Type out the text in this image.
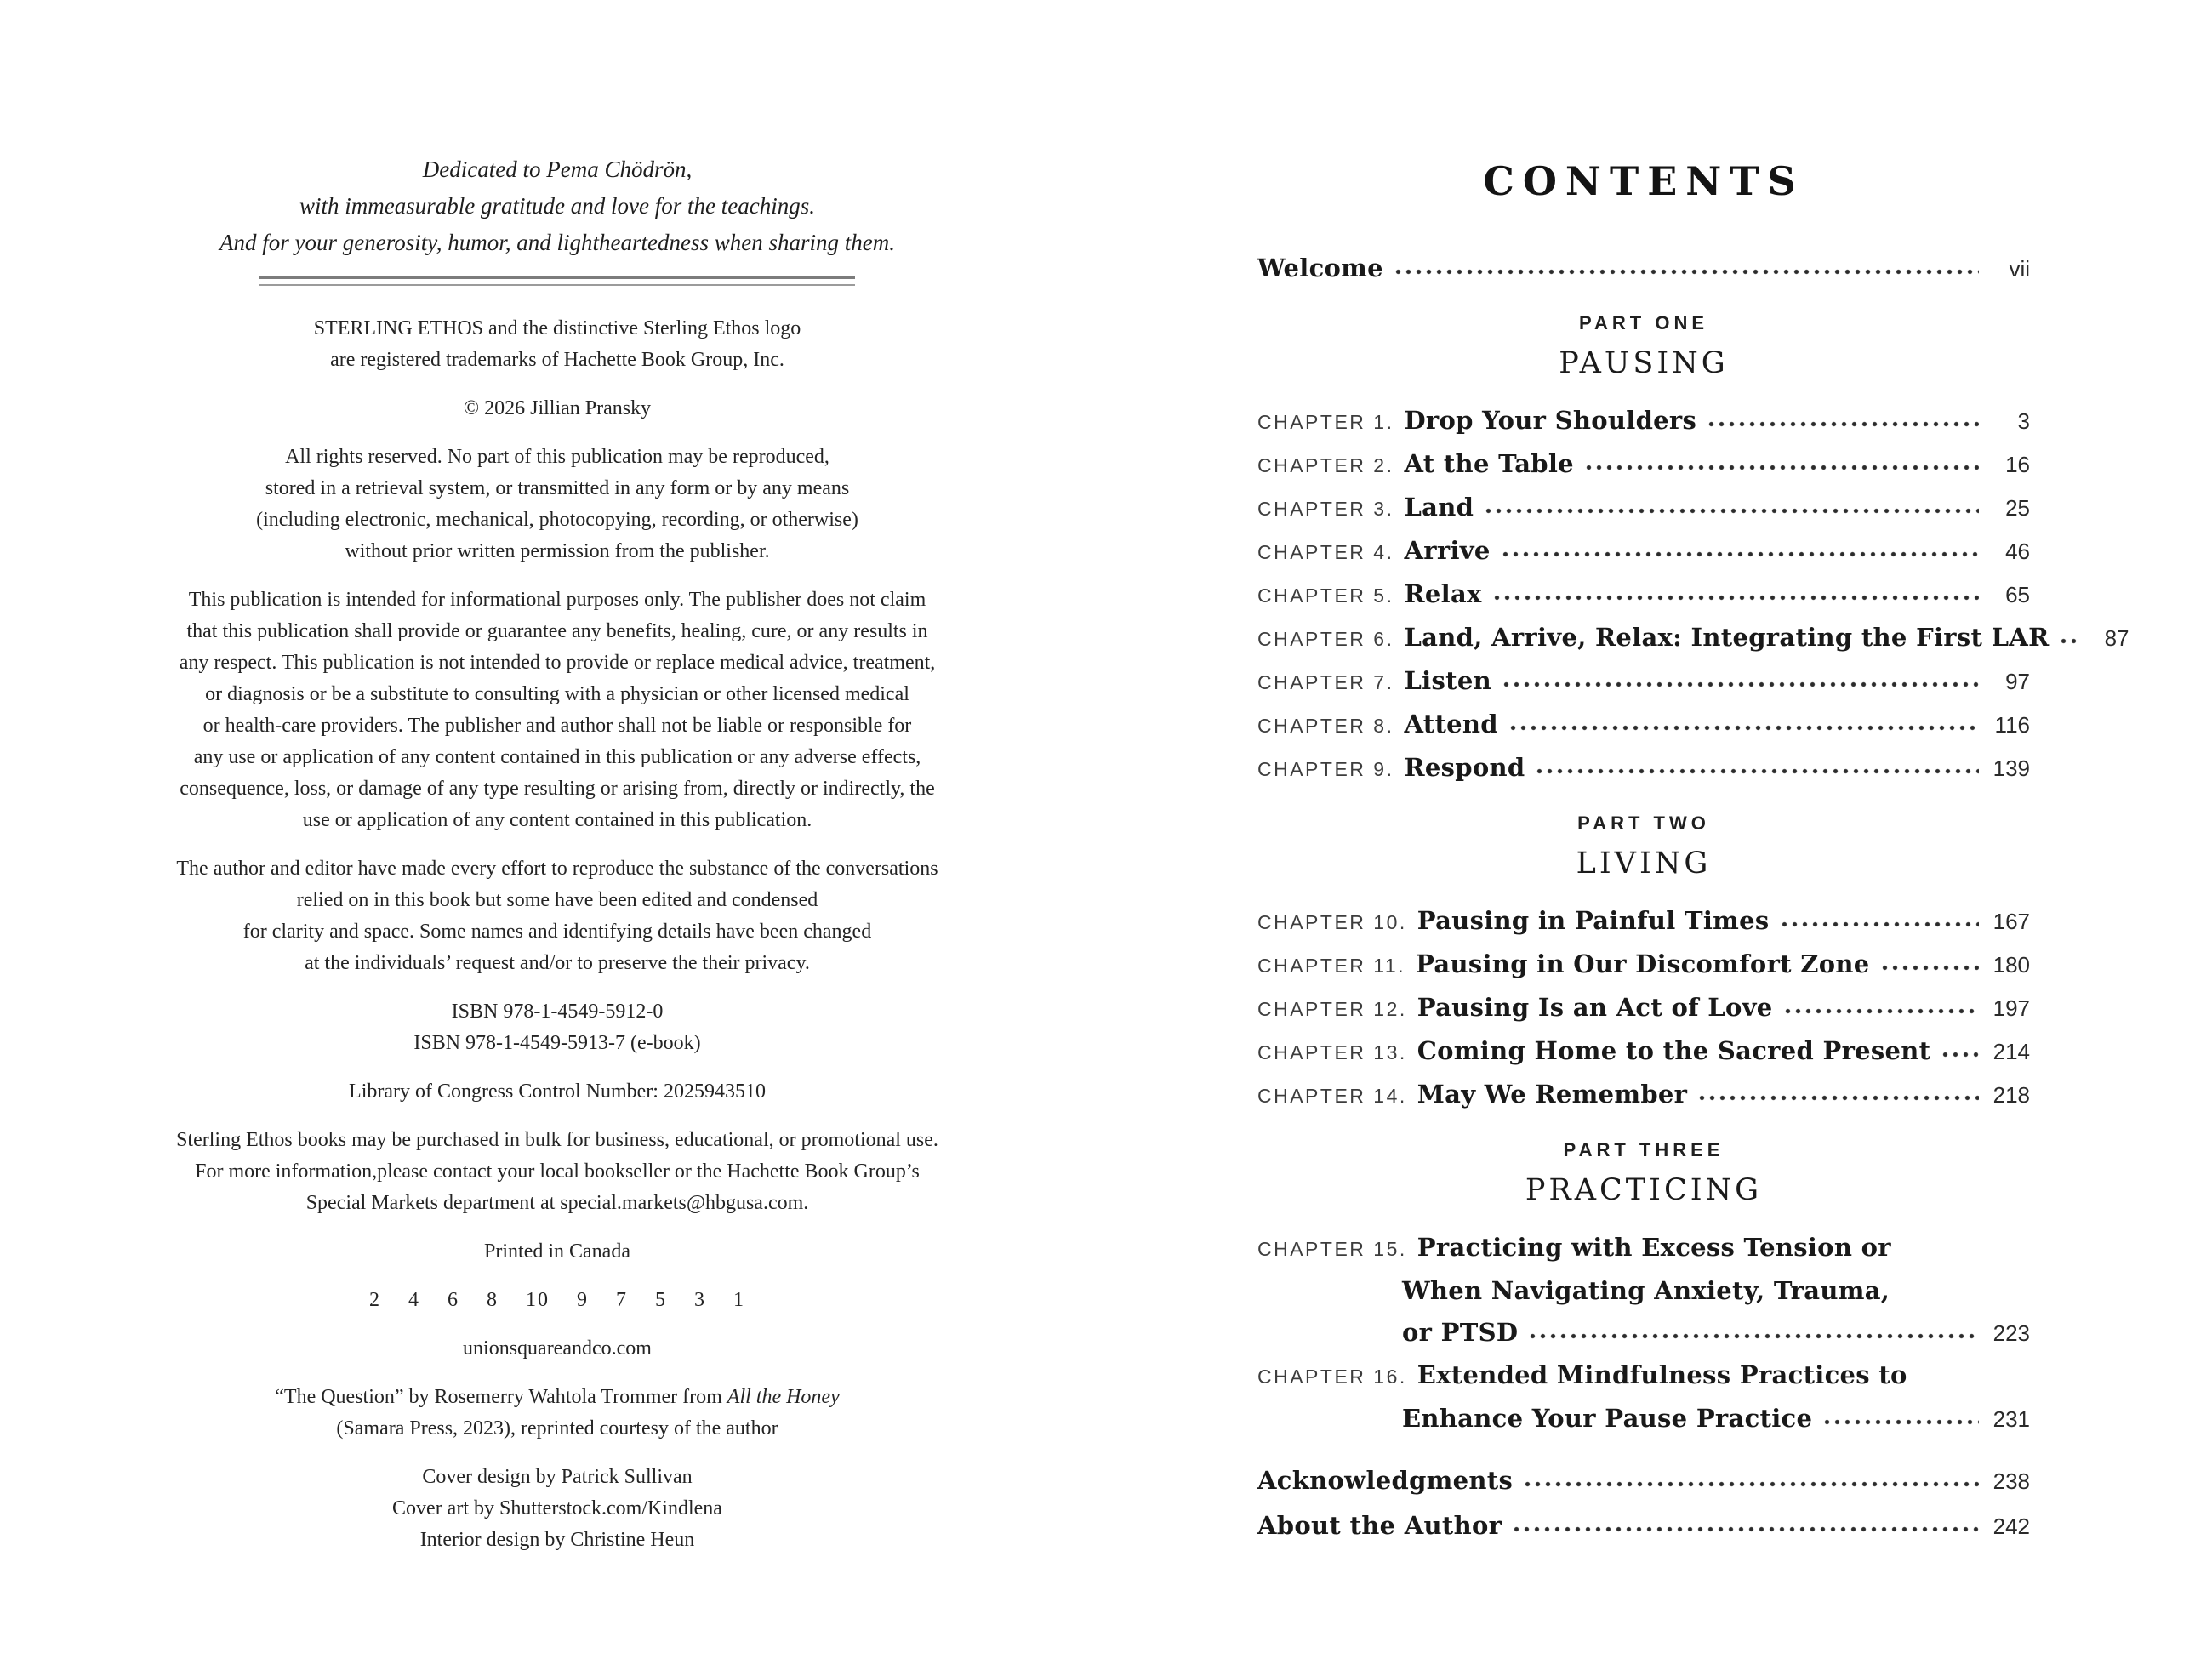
Dedicated to Pema Chödrön,
with immeasurable gratitude and love for the teachings.
And for your generosity, humor, and lightheartedness when sharing them.
STERLING ETHOS and the distinctive Sterling Ethos logo
are registered trademarks of Hachette Book Group, Inc.
© 2026 Jillian Pransky
All rights reserved. No part of this publication may be reproduced,
stored in a retrieval system, or transmitted in any form or by any means
(including electronic, mechanical, photocopying, recording, or otherwise)
without prior written permission from the publisher.
This publication is intended for informational purposes only. The publisher does not claim
that this publication shall provide or guarantee any benefits, healing, cure, or any results in
any respect. This publication is not intended to provide or replace medical advice, treatment,
or diagnosis or be a substitute to consulting with a physician or other licensed medical
or health-care providers. The publisher and author shall not be liable or responsible for
any use or application of any content contained in this publication or any adverse effects,
consequence, loss, or damage of any type resulting or arising from, directly or indirectly, the
use or application of any content contained in this publication.
The author and editor have made every effort to reproduce the substance of the conversations
relied on in this book but some have been edited and condensed
for clarity and space. Some names and identifying details have been changed
at the individuals’ request and/or to preserve the their privacy.
ISBN 978-1-4549-5912-0
ISBN 978-1-4549-5913-7 (e-book)
Library of Congress Control Number: 2025943510
Sterling Ethos books may be purchased in bulk for business, educational, or promotional use.
For more information,please contact your local bookseller or the Hachette Book Group’s
Special Markets department at special.markets@hbgusa.com.
Printed in Canada
2    4    6    8    10    9    7    5    3    1
unionsquareandco.com
“The Question” by Rosemerry Wahtola Trommer from All the Honey
(Samara Press, 2023), reprinted courtesy of the author
Cover design by Patrick Sullivan
Cover art by Shutterstock.com/Kindlena
Interior design by Christine Heun
CONTENTS
Welcome	vii
PART ONE
PAUSING
CHAPTER 1. Drop Your Shoulders	3
CHAPTER 2. At the Table	16
CHAPTER 3. Land	25
CHAPTER 4. Arrive	46
CHAPTER 5. Relax	65
CHAPTER 6. Land, Arrive, Relax: Integrating the First LAR	87
CHAPTER 7. Listen	97
CHAPTER 8. Attend	116
CHAPTER 9. Respond	139
PART TWO
LIVING
CHAPTER 10. Pausing in Painful Times	167
CHAPTER 11. Pausing in Our Discomfort Zone	180
CHAPTER 12. Pausing Is an Act of Love	197
CHAPTER 13. Coming Home to the Sacred Present	214
CHAPTER 14. May We Remember	218
PART THREE
PRACTICING
CHAPTER 15. Practicing with Excess Tension or
When Navigating Anxiety, Trauma,
or PTSD	223
CHAPTER 16. Extended Mindfulness Practices to
Enhance Your Pause Practice	231
Acknowledgments	238
About the Author	242
